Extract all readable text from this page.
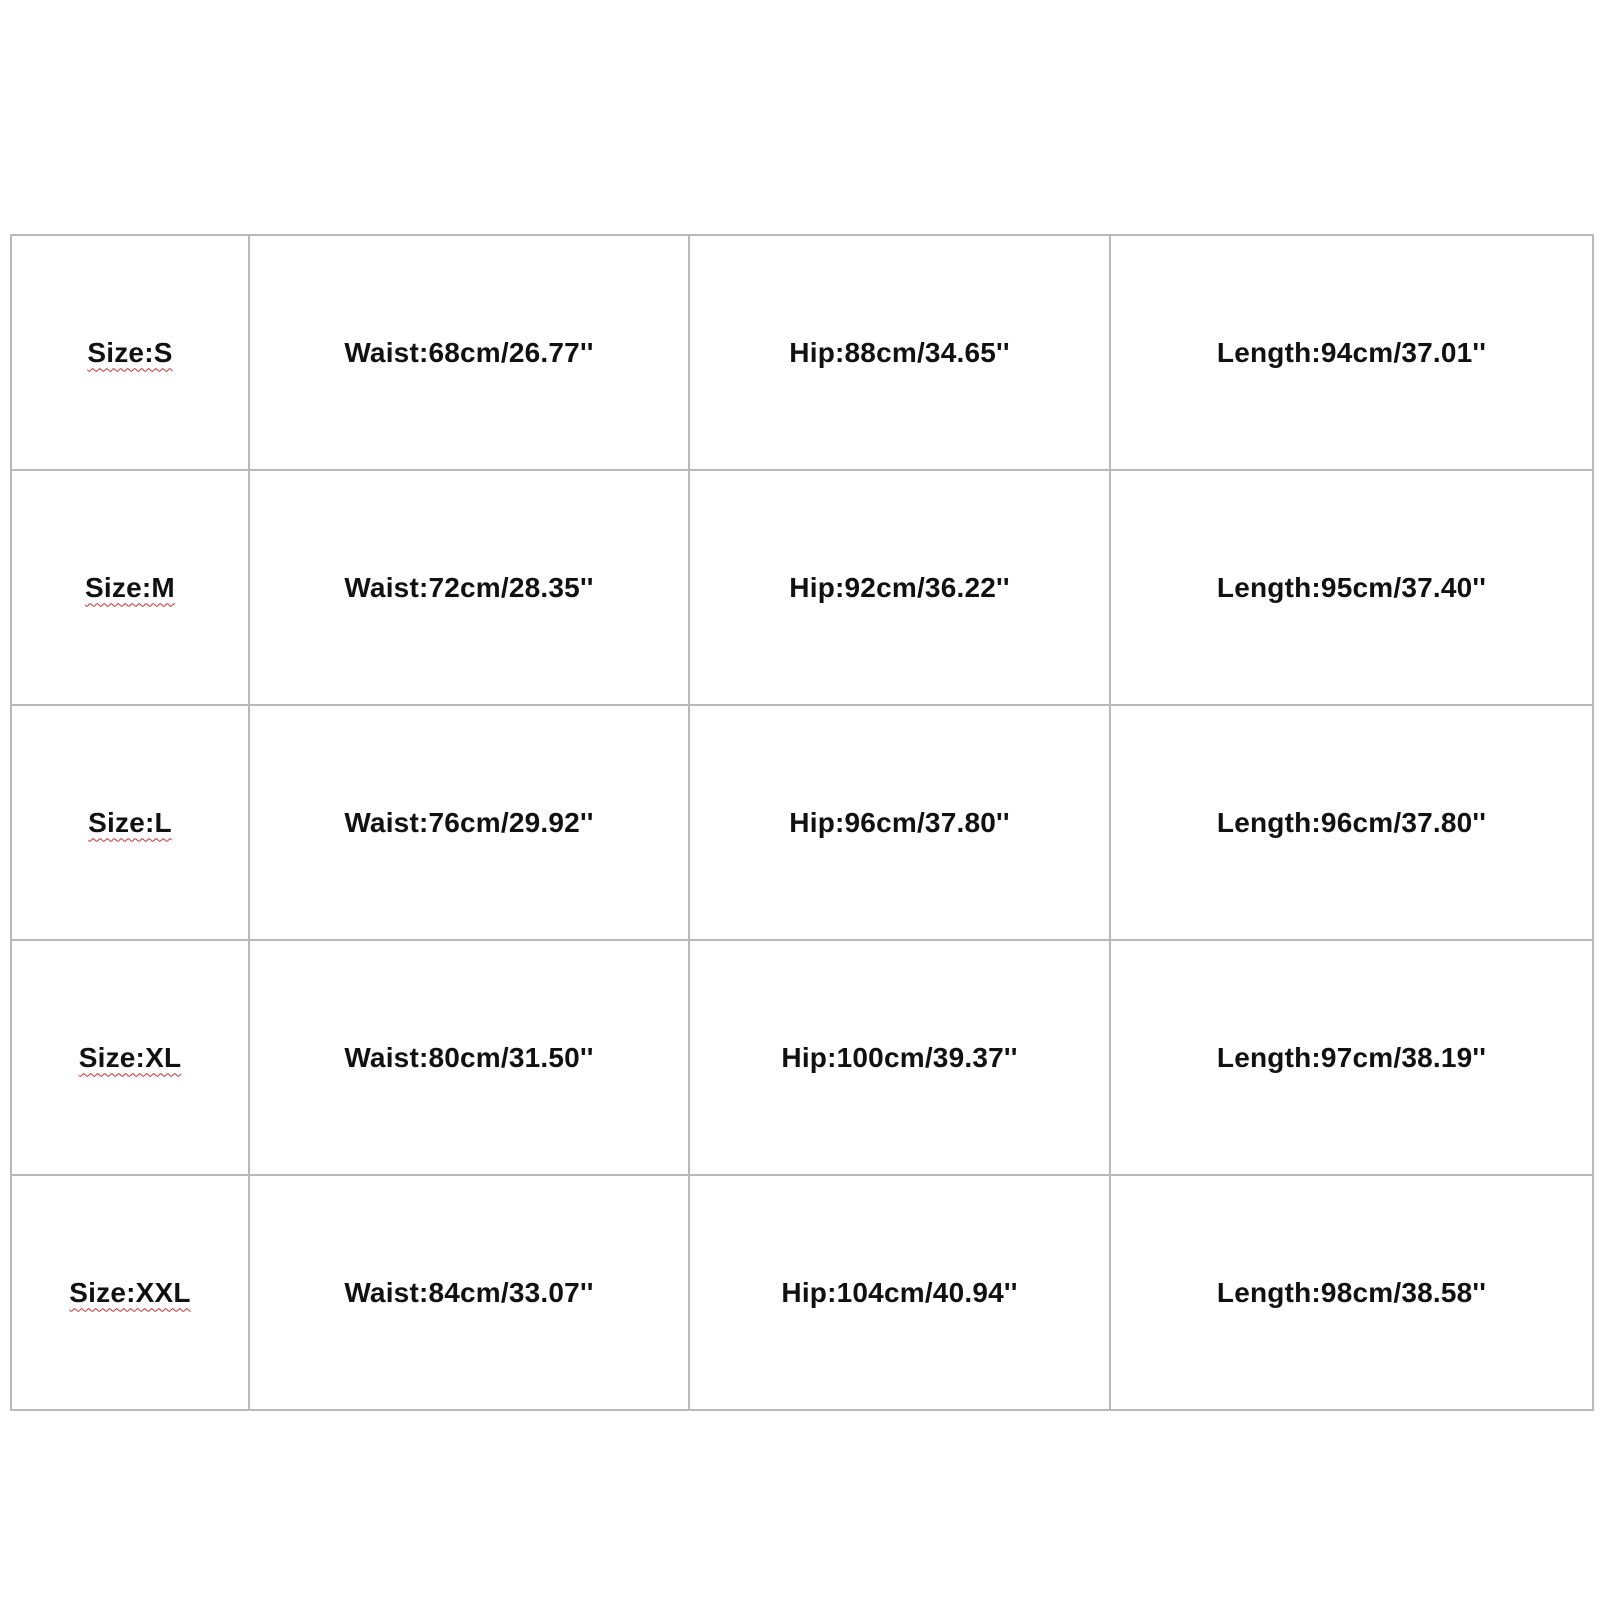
Size:S	Waist:68cm/26.77''	Hip:88cm/34.65''	Length:94cm/37.01''
Size:M	Waist:72cm/28.35''	Hip:92cm/36.22''	Length:95cm/37.40''
Size:L	Waist:76cm/29.92''	Hip:96cm/37.80''	Length:96cm/37.80''
Size:XL	Waist:80cm/31.50''	Hip:100cm/39.37''	Length:97cm/38.19''
Size:XXL	Waist:84cm/33.07''	Hip:104cm/40.94''	Length:98cm/38.58''
